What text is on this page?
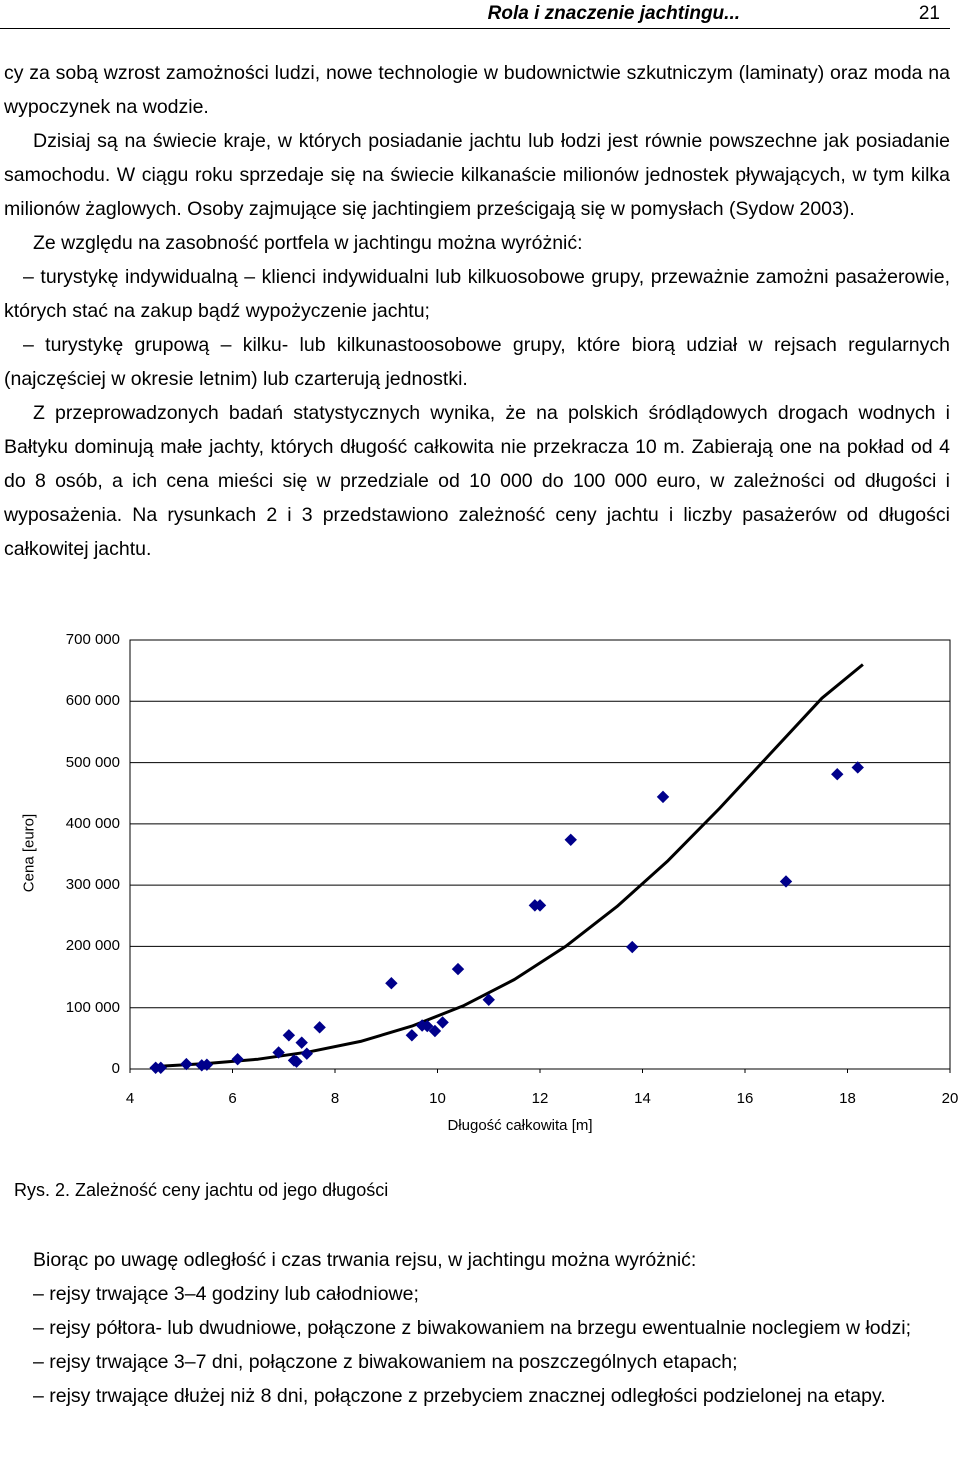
Rola i znaczenie jachtingu...	21

cy za sobą wzrost zamożności ludzi, nowe technologie w budownictwie szkutniczym (laminaty) oraz moda na wypoczynek na wodzie.

Dzisiaj są na świecie kraje, w których posiadanie jachtu lub łodzi jest równie powszechne jak posiadanie samochodu. W ciągu roku sprzedaje się na świecie kilkanaście milionów jednostek pływających, w tym kilka milionów żaglowych. Osoby zajmujące się jachtingiem prześcigają się w pomysłach (Sydow 2003).

Ze względu na zasobność portfela w jachtingu można wyróżnić:

– turystykę indywidualną – klienci indywidualni lub kilkuosobowe grupy, przeważnie zamożni pasażerowie, których stać na zakup bądź wypożyczenie jachtu;

– turystykę grupową – kilku- lub kilkunastoosobowe grupy, które biorą udział w rejsach regularnych (najczęściej w okresie letnim) lub czarterują jednostki.

Z przeprowadzonych badań statystycznych wynika, że na polskich śródlądowych drogach wodnych i Bałtyku dominują małe jachty, których długość całkowita nie przekracza 10 m. Zabierają one na pokład od 4 do 8 osób, a ich cena mieści się w przedziale od 10 000 do 100 000 euro, w zależności od długości i wyposażenia. Na rysunkach 2 i 3 przedstawiono zależność ceny jachtu i liczby pasażerów od długości całkowitej jachtu.

Długość całkowita [m]
Cena [euro]
0
100 000
200 000
300 000
400 000
500 000
600 000
700 000
4	6	8	10	12	14	16	18	20
Rys. 2. Zależność ceny jachtu od jego długości

Biorąc po uwagę odległość i czas trwania rejsu, w jachtingu można wyróżnić:

– rejsy trwające 3–4 godziny lub całodniowe;

– rejsy półtora- lub dwudniowe, połączone z biwakowaniem na brzegu ewentualnie noclegiem w łodzi;

– rejsy trwające 3–7 dni, połączone z biwakowaniem na poszczególnych etapach;

– rejsy trwające dłużej niż 8 dni, połączone z przebyciem znacznej odległości podzielonej na etapy.
